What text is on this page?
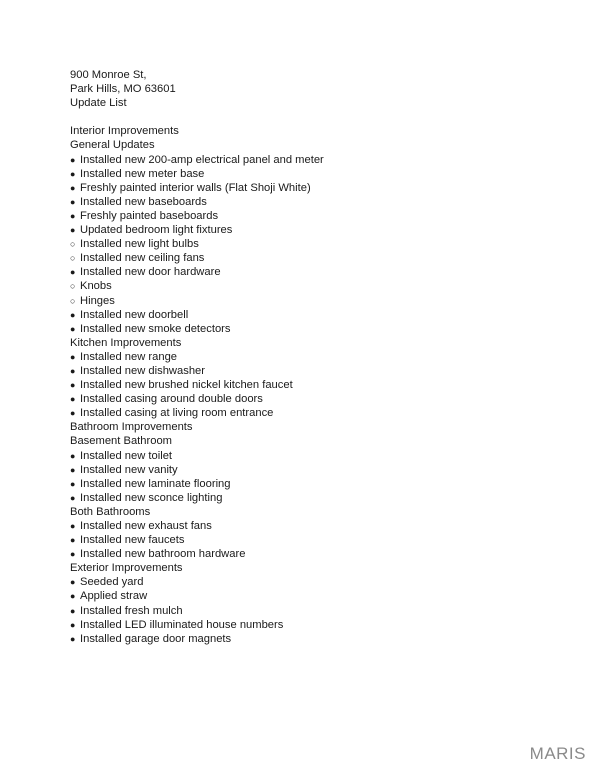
900 Monroe St,
Park Hills, MO 63601
Update List
Interior Improvements
General Updates
● Installed new 200-amp electrical panel and meter
● Installed new meter base
● Freshly painted interior walls (Flat Shoji White)
● Installed new baseboards
● Freshly painted baseboards
● Updated bedroom light fixtures
○ Installed new light bulbs
○ Installed new ceiling fans
● Installed new door hardware
○ Knobs
○ Hinges
● Installed new doorbell
● Installed new smoke detectors
Kitchen Improvements
● Installed new range
● Installed new dishwasher
● Installed new brushed nickel kitchen faucet
● Installed casing around double doors
● Installed casing at living room entrance
Bathroom Improvements
Basement Bathroom
● Installed new toilet
● Installed new vanity
● Installed new laminate flooring
● Installed new sconce lighting
Both Bathrooms
● Installed new exhaust fans
● Installed new faucets
● Installed new bathroom hardware
Exterior Improvements
● Seeded yard
● Applied straw
● Installed fresh mulch
● Installed LED illuminated house numbers
● Installed garage door magnets
MARIS
